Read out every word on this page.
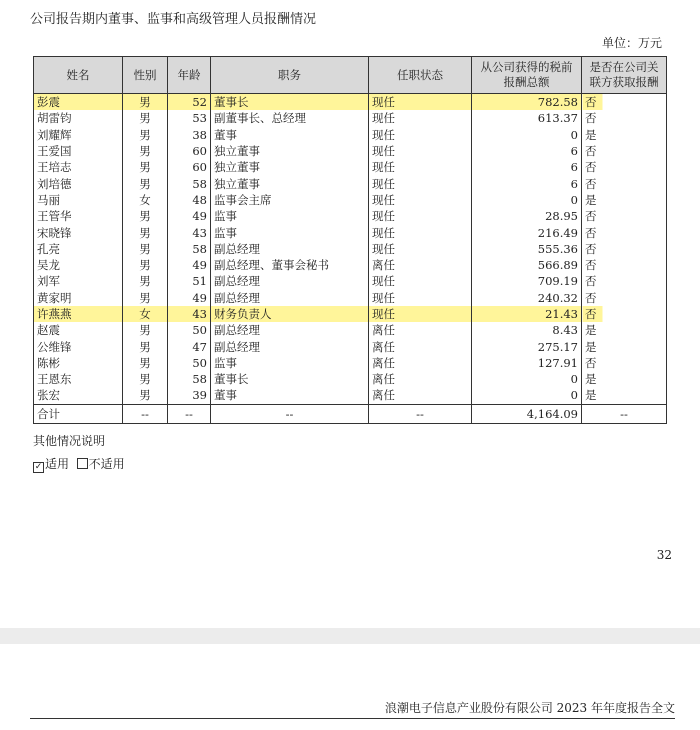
公司报告期内董事、监事和高级管理人员报酬情况
单位：万元
姓名	性别	年龄	职务	任职状态	从公司获得的税前报酬总额	是否在公司关联方获取报酬
彭震	男	52	董事长	现任	782.58	否
胡雷钧	男	53	副董事长、总经理	现任	613.37	否
刘耀辉	男	38	董事	现任	0	是
王爱国	男	60	独立董事	现任	6	否
王培志	男	60	独立董事	现任	6	否
刘培德	男	58	独立董事	现任	6	否
马丽	女	48	监事会主席	现任	0	是
王管华	男	49	监事	现任	28.95	否
宋晓锋	男	43	监事	现任	216.49	否
孔亮	男	58	副总经理	现任	555.36	否
吴龙	男	49	副总经理、董事会秘书	离任	566.89	否
刘军	男	51	副总经理	现任	709.19	否
黄家明	男	49	副总经理	现任	240.32	否
许燕燕	女	43	财务负责人	现任	21.43	否
赵震	男	50	副总经理	离任	8.43	是
公维锋	男	47	副总经理	离任	275.17	是
陈彬	男	50	监事	离任	127.91	否
王恩东	男	58	董事长	离任	0	是
张宏	男	39	董事	离任	0	是
合计	--	--	--	--	4,164.09	--
其他情况说明
✓ 适用 不适用
32
浪潮电子信息产业股份有限公司 2023 年年度报告全文
